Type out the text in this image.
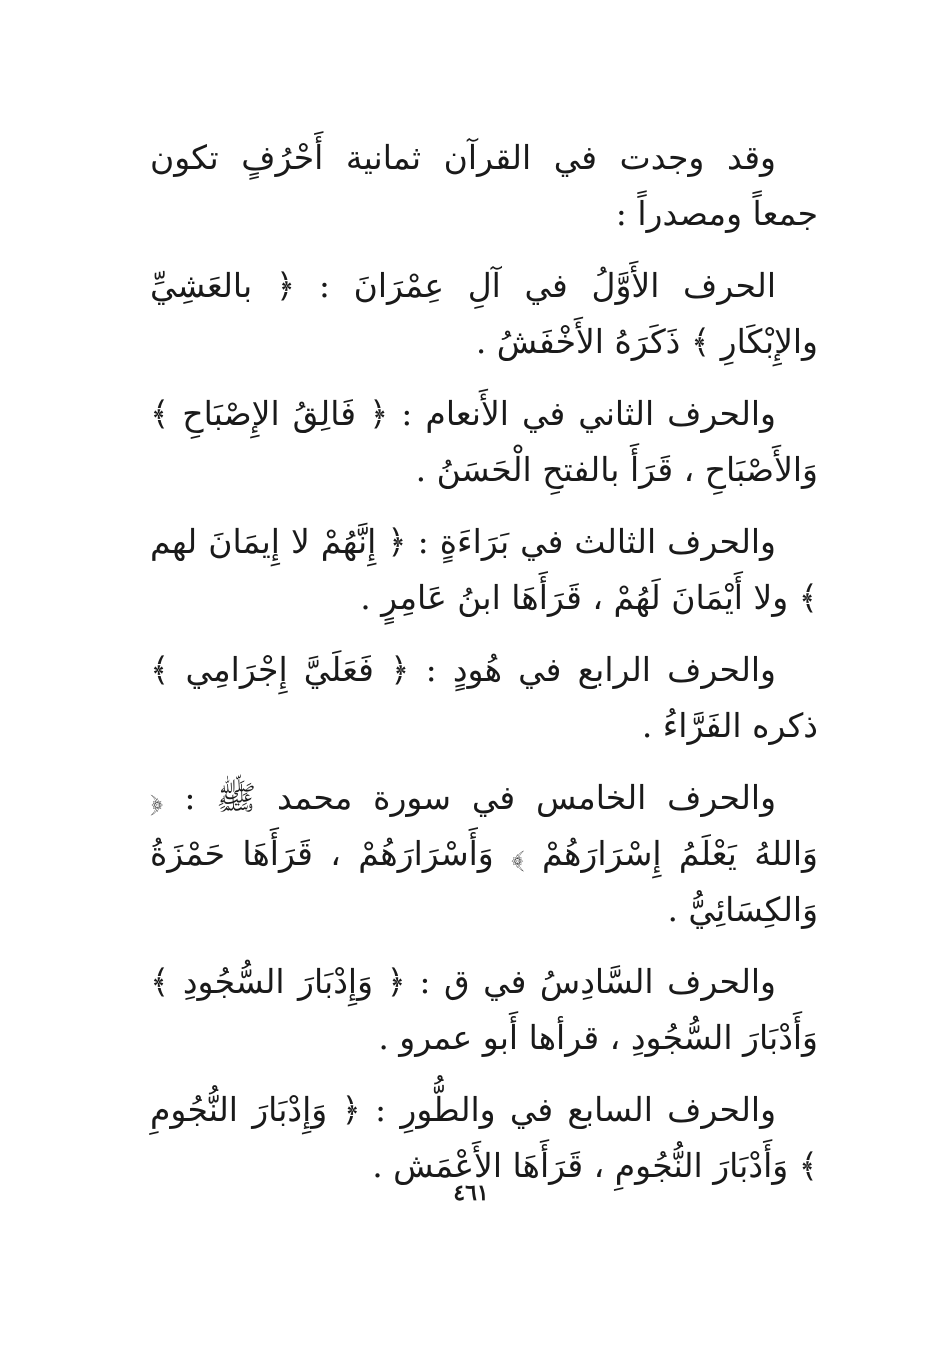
وقد وجدت في القرآن ثمانية أَحْرُفٍ تكون جمعاً ومصدراً :

الحرف الأَوَّلُ في آلِ عِمْرَانَ : ﴿ بالعَشِيِّ والإِبْكَارِ ﴾ ذَكَرَهُ الأَخْفَشُ .

والحرف الثاني في الأَنعام : ﴿ فَالِقُ الإِصْبَاحِ ﴾ وَالأَصْبَاحِ ، قَرَأَ بالفتحِ الْحَسَنُ .

والحرف الثالث في بَرَاءَةٍ : ﴿ إِنَّهُمْ لا إِيمَانَ لهم ﴾ ولا أَيْمَانَ لَهُمْ ، قَرَأَهَا ابنُ عَامِرٍ .

والحرف الرابع في هُودٍ : ﴿ فَعَلَيَّ إِجْرَامِي ﴾ ذكره الفَرَّاءُ .

والحرف الخامس في سورة محمد ﷺ : ﴿ وَاللهُ يَعْلَمُ إِسْرَارَهُمْ ﴾ وَأَسْرَارَهُمْ ، قَرَأَهَا حَمْزَةُ وَالكِسَائِيُّ .

والحرف السَّادِسُ في ق : ﴿ وَإِدْبَارَ السُّجُودِ ﴾ وَأَدْبَارَ السُّجُودِ ، قرأها أَبو عمرو .

والحرف السابع في والطُّورِ : ﴿ وَإِدْبَارَ النُّجُومِ ﴾ وَأَدْبَارَ النُّجُومِ ، قَرَأَهَا الأَعْمَش .

٤٦١
